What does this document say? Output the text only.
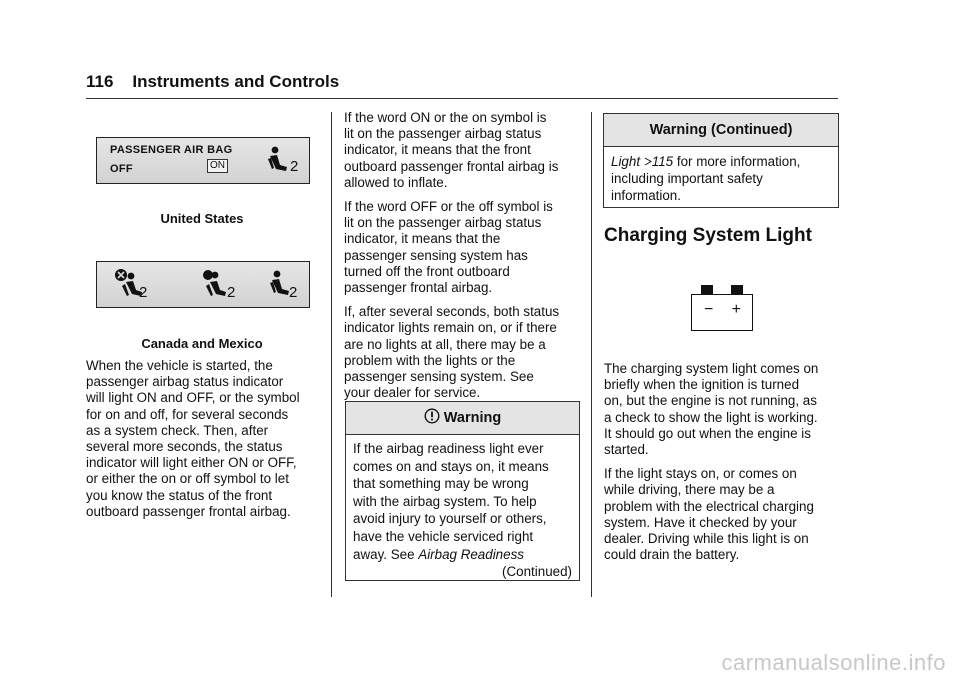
116 Instruments and Controls
PASSENGER AIR BAG
OFF	ON	2
United States
2	2	2
Canada and Mexico

When the vehicle is started, the
passenger airbag status indicator
will light ON and OFF, or the symbol
for on and off, for several seconds
as a system check. Then, after
several more seconds, the status
indicator will light either ON or OFF,
or either the on or off symbol to let
you know the status of the front
outboard passenger frontal airbag.

If the word ON or the on symbol is
lit on the passenger airbag status
indicator, it means that the front
outboard passenger frontal airbag is
allowed to inflate.

If the word OFF or the off symbol is
lit on the passenger airbag status
indicator, it means that the
passenger sensing system has
turned off the front outboard
passenger frontal airbag.

If, after several seconds, both status
indicator lights remain on, or if there
are no lights at all, there may be a
problem with the lights or the
passenger sensing system. See
your dealer for service.

Warning

If the airbag readiness light ever
comes on and stays on, it means
that something may be wrong
with the airbag system. To help
avoid injury to yourself or others,
have the vehicle serviced right
away. See Airbag Readiness

(Continued)
Warning (Continued)

Light 115 for more information,
including important safety
information.

Charging System Light
− +

The charging system light comes on
briefly when the ignition is turned
on, but the engine is not running, as
a check to show the light is working.
It should go out when the engine is
started.

If the light stays on, or comes on
while driving, there may be a
problem with the electrical charging
system. Have it checked by your
dealer. Driving while this light is on
could drain the battery.

carmanualsonline.info
